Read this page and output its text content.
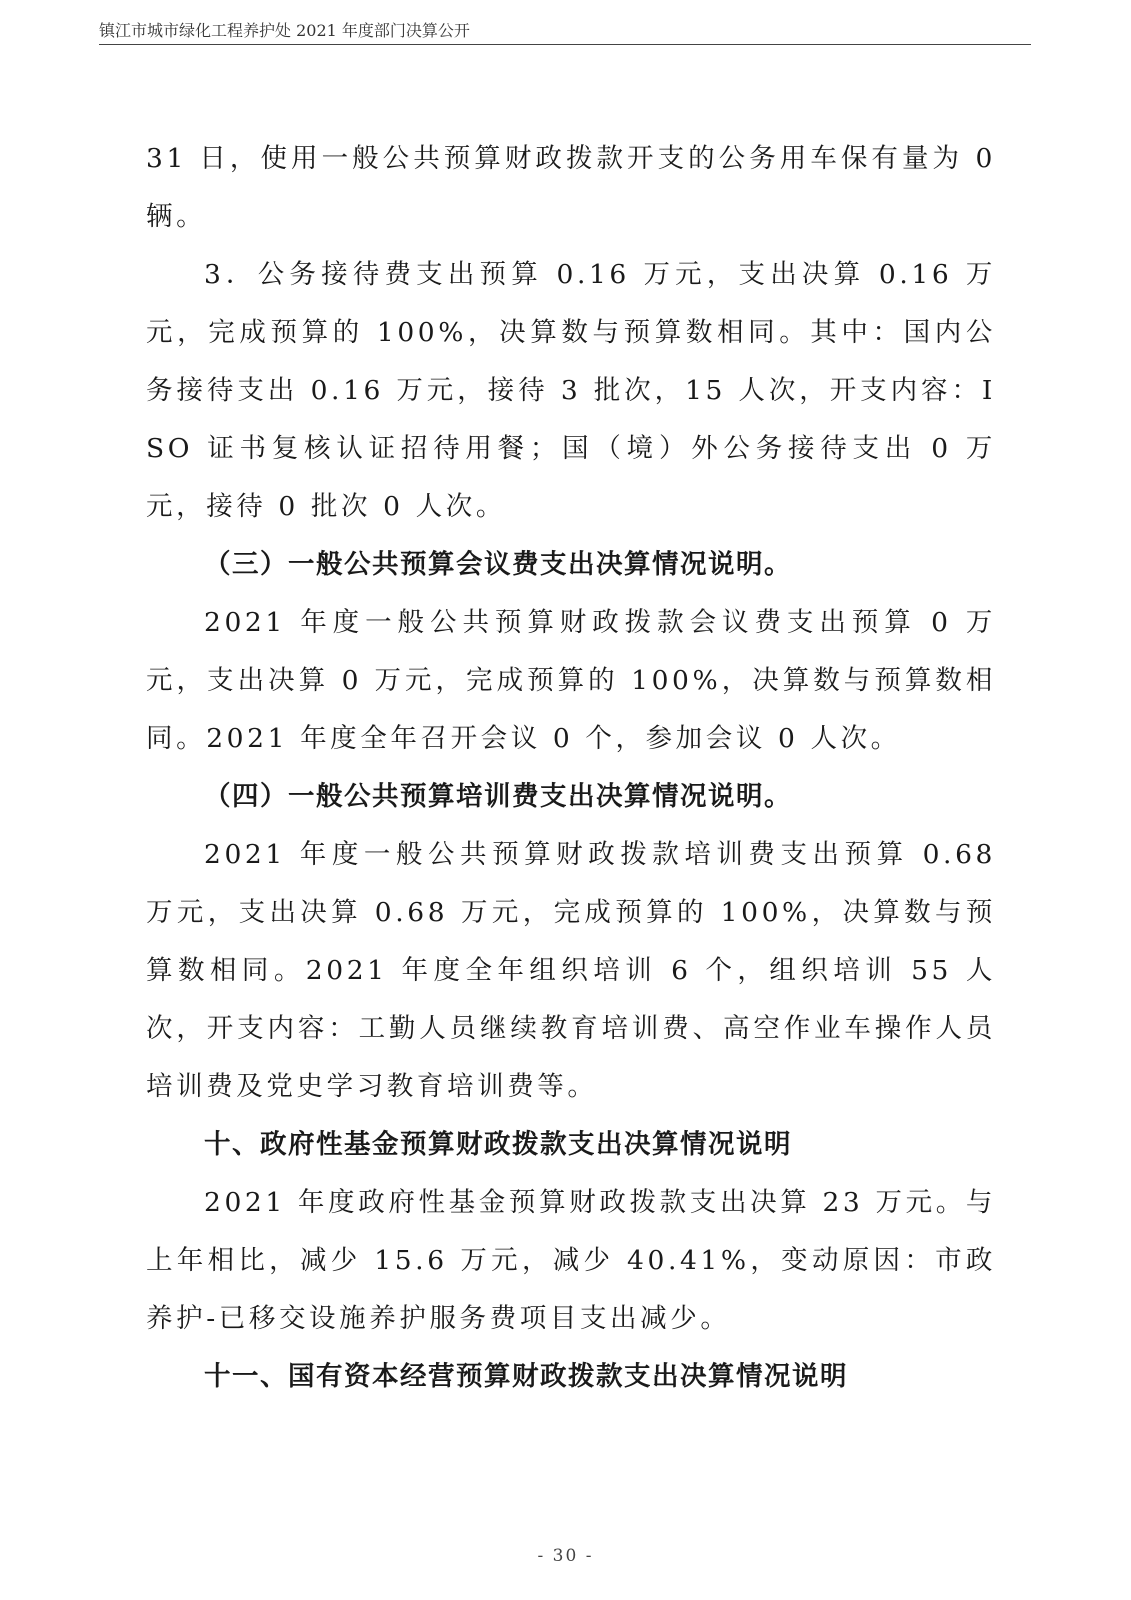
镇江市城市绿化工程养护处 2021 年度部门决算公开

31 日，使用一般公共预算财政拨款开支的公务用车保有量为 0 辆。

3．公务接待费支出预算 0.16 万元，支出决算 0.16 万元，完成预算的 100%，决算数与预算数相同。其中：国内公务接待支出 0.16 万元，接待 3 批次，15 人次，开支内容：ISO 证书复核认证招待用餐；国（境）外公务接待支出 0 万元，接待 0 批次 0 人次。

（三）一般公共预算会议费支出决算情况说明。

2021 年度一般公共预算财政拨款会议费支出预算 0 万元，支出决算 0 万元，完成预算的 100%，决算数与预算数相同。2021 年度全年召开会议 0 个，参加会议 0 人次。

（四）一般公共预算培训费支出决算情况说明。

2021 年度一般公共预算财政拨款培训费支出预算 0.68 万元，支出决算 0.68 万元，完成预算的 100%，决算数与预算数相同。2021 年度全年组织培训 6 个，组织培训 55 人次，开支内容：工勤人员继续教育培训费、高空作业车操作人员培训费及党史学习教育培训费等。

十、政府性基金预算财政拨款支出决算情况说明

2021 年度政府性基金预算财政拨款支出决算 23 万元。与上年相比，减少 15.6 万元，减少 40.41%，变动原因：市政养护-已移交设施养护服务费项目支出减少。

十一、国有资本经营预算财政拨款支出决算情况说明

- 30 -
